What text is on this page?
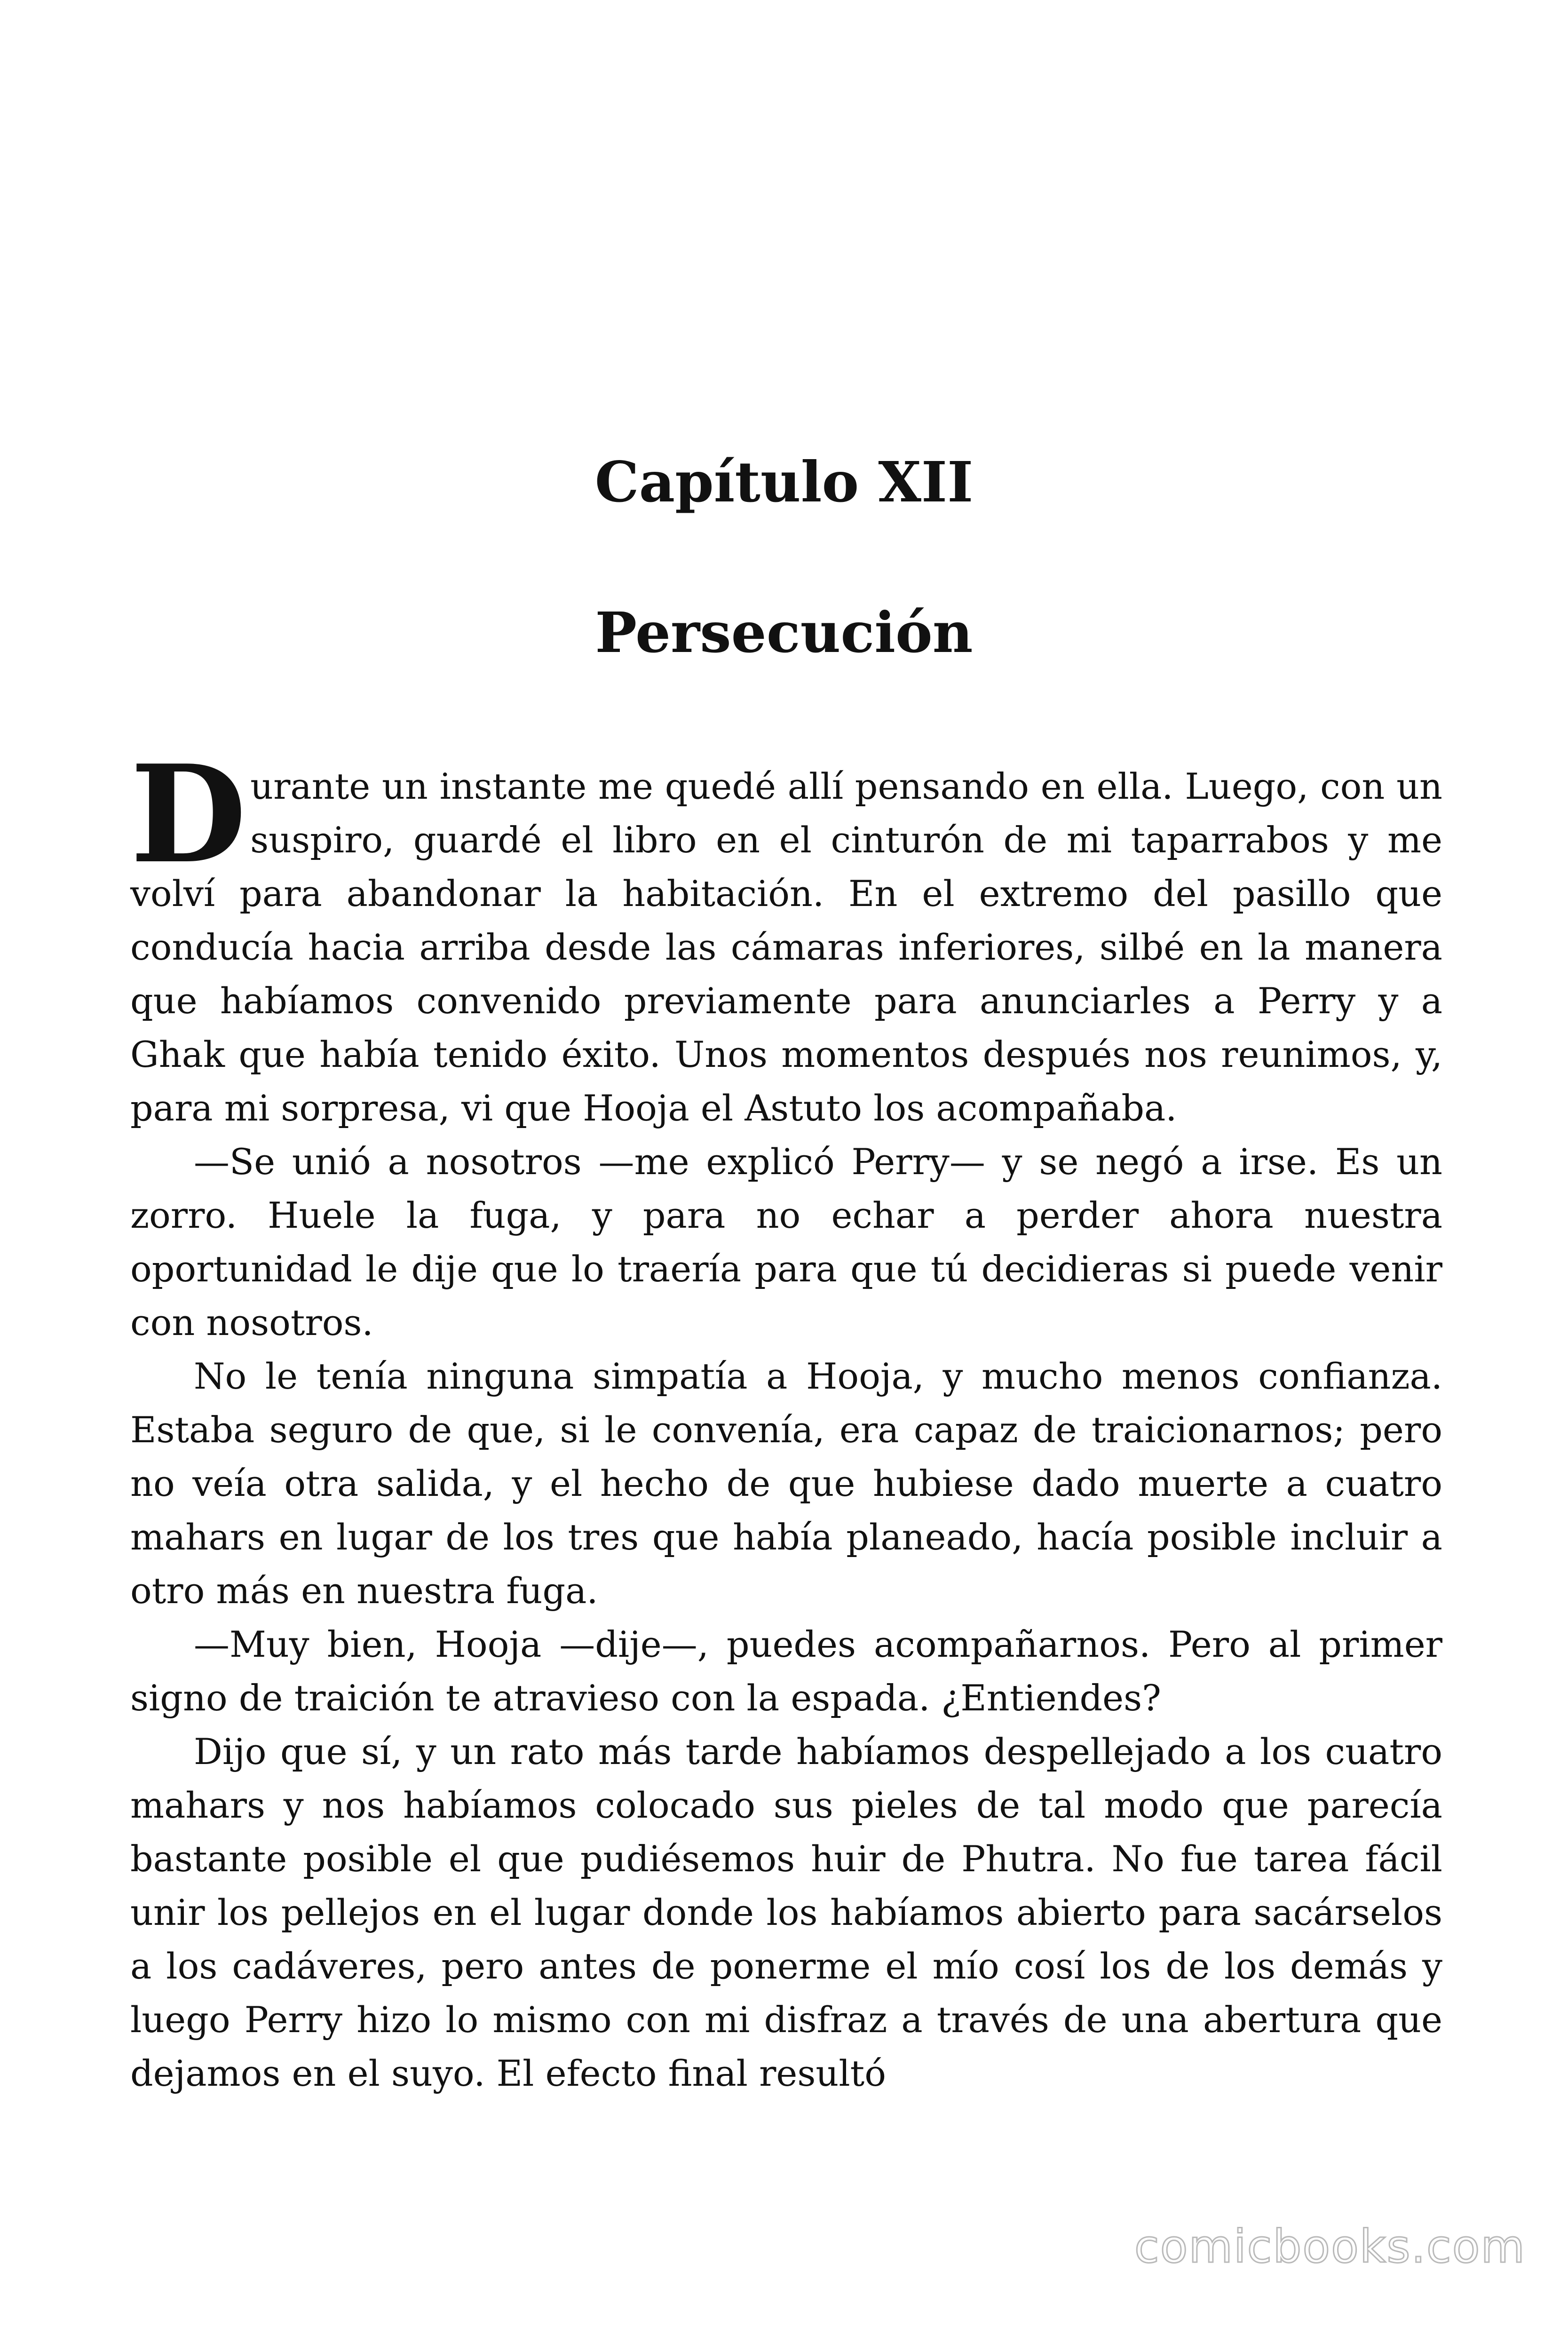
Capítulo XII
Persecución

Durante un instante me quedé allí pensando en ella. Luego, con un suspiro, guardé el libro en el cinturón de mi taparrabos y me volví para abandonar la habitación. En el extremo del pasillo que conducía hacia arriba desde las cámaras inferiores, silbé en la manera que habíamos convenido previamente para anunciarles a Perry y a Ghak que había tenido éxito. Unos momentos después nos reunimos, y, para mi sorpresa, vi que Hooja el Astuto los acompañaba.

—Se unió a nosotros —me explicó Perry— y se negó a irse. Es un zorro. Huele la fuga, y para no echar a perder ahora nuestra oportunidad le dije que lo traería para que tú decidieras si puede venir con nosotros.

No le tenía ninguna simpatía a Hooja, y mucho menos confianza. Estaba seguro de que, si le convenía, era capaz de traicionarnos; pero no veía otra salida, y el hecho de que hubiese dado muerte a cuatro mahars en lugar de los tres que había planeado, hacía posible incluir a otro más en nuestra fuga.

—Muy bien, Hooja —dije—, puedes acompañarnos. Pero al primer signo de traición te atravieso con la espada. ¿Entiendes?

Dijo que sí, y un rato más tarde habíamos despellejado a los cuatro mahars y nos habíamos colocado sus pieles de tal modo que parecía bastante posible el que pudiésemos huir de Phutra. No fue tarea fácil unir los pellejos en el lugar donde los habíamos abierto para sacárselos a los cadáveres, pero antes de ponerme el mío cosí los de los demás y luego Perry hizo lo mismo con mi disfraz a través de una abertura que dejamos en el suyo. El efecto final resultó

comicbooks.com
